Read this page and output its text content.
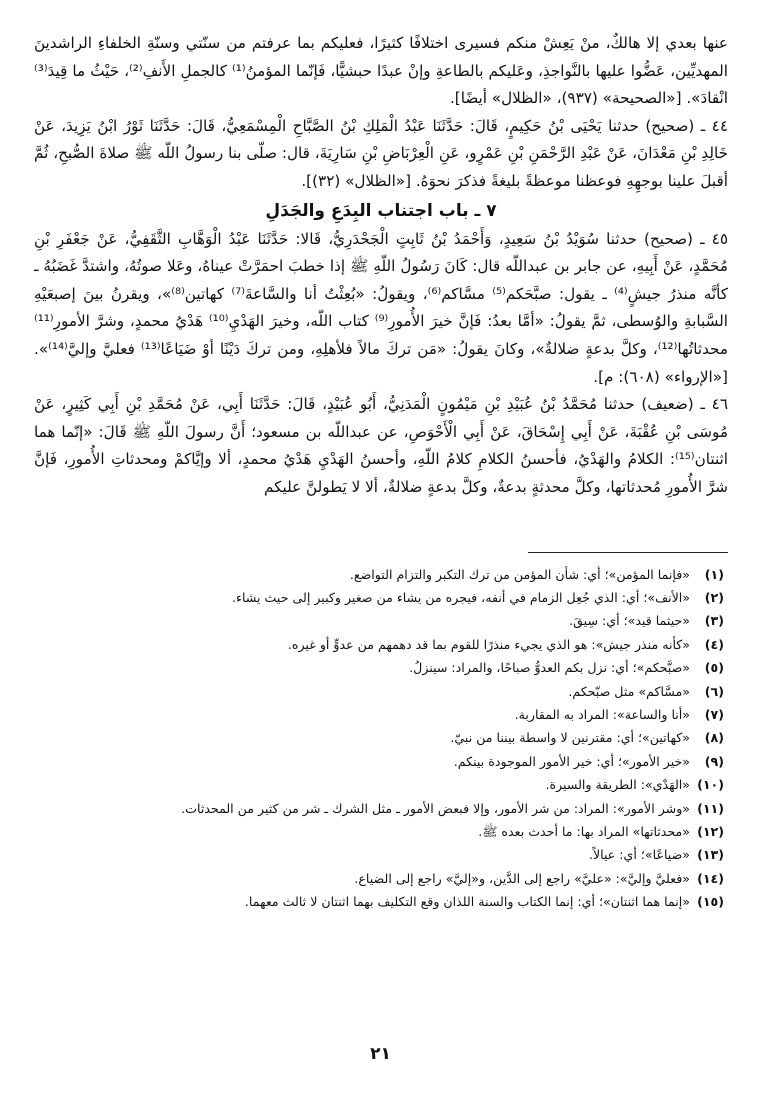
عنها بعدي إلا هالكٌ، منْ يَعِشْ منكم فسيرى اختلافًا كثيرًا، فعليكم بما عرفتم من سنّتي وسنّةِ الخلفاءِ الراشدينَ المهديِّين، عَضُّوا عليها بالنَّواجذِ، وعَليكم بالطاعةِ وإنْ عبدًا حبشيًّا، فَإنّما المؤمنُ⁽¹⁾ كالجملِ الأَنفِ⁽²⁾، حَيْثُ ما قِيدَ⁽³⁾ انْقادَ». [«الصحيحة» (٩٣٧)، «الظلال» أيضًا].

٤٤ ـ (صحيح) حدثنا يَحْيَى بْنُ حَكِيمٍ، قَالَ: حَدَّثَنَا عَبْدُ الْمَلِكِ بْنُ الصَّبَّاحِ الْمِسْمَعِيُّ، قَالَ: حَدَّثَنَا ثَوْرُ ابْنُ يَزِيدَ، عَنْ خَالِدِ بْنِ مَعْدَانَ، عَنْ عَبْدِ الرَّحْمَنِ بْنِ عَمْرٍو، عَنِ الْعِرْبَاضِ بْنِ سَارِيَةَ، قال: صلّى بنا رسولُ اللّه ﷺ صلاةَ الصُّبحِ، ثُمَّ أقبلَ علينا بوجهِهِ فوعظنا موعظةً بليغةً فذكرَ نحوَهُ. [«الظلال» (٣٢)].

٧ ـ باب اجتناب البِدَعِ والجَدَلِ

٤٥ ـ (صحيح) حدثنا سُوَيْدُ بْنُ سَعِيدٍ، وَأَحْمَدُ بْنُ ثَابِتٍ الْجَحْدَرِيُّ، قَالا: حَدَّثَنَا عَبْدُ الْوَهَّابِ الثَّقَفِيُّ، عَنْ جَعْفَرِ بْنِ مُحَمَّدٍ، عَنْ أَبِيهِ، عن جابر بن عبداللّه قال: كَانَ رَسُولُ اللّهِ ﷺ إذا خطبَ احمَرَّتْ عيناهُ، وعَلا صوتُهُ، واشتدَّ غَضَبُهُ ـ كأنَّه منذرُ جيشٍ⁽⁴⁾ ـ يقول: صبَّحَكم⁽⁵⁾ مسَّاكم⁽⁶⁾، ويقولُ: «بُعِثْتُ أنا والسَّاعةَ⁽⁷⁾ كهاتين⁽⁸⁾»، ويقرنُ بينَ إصبعَيْهِ السَّبابةِ والوُسطى، ثمَّ يقولُ: «أمَّا بعدُ: فَإنَّ خيرَ الأُمورِ⁽⁹⁾ كتاب اللّه، وخيرَ الهَدْيِ⁽¹⁰⁾ هَدْيُ محمدٍ، وشرَّ الأمورِ⁽¹¹⁾ محدثاتُها⁽¹²⁾، وكلَّ بدعةٍ ضلالةٌ»، وكانَ يقولُ: «مَن تركَ مالاً فلأهلِهِ، ومن تركَ دَيْنًا أوْ ضَيَاعًا⁽¹³⁾ فعليَّ وإليَّ⁽¹⁴⁾». [«الإرواء» (٦٠٨): م].

٤٦ ـ (ضعيف) حدثنا مُحَمَّدُ بْنُ عُبَيْدِ بْنِ مَيْمُونٍ الْمَدَنِيُّ، أَبُو عُبَيْدٍ، قَالَ: حَدَّثَنَا أَبِي، عَنْ مُحَمَّدِ بْنِ أَبِي كَثِيرٍ، عَنْ مُوسَى بْنِ عُقْبَةَ، عَنْ أَبِي إِسْحَاقَ، عَنْ أَبِي الْأَحْوَصِ، عن عبداللّه بن مسعود؛ أَنَّ رسولَ اللّهِ ﷺ قَالَ: «إنّما هما اثنتان⁽¹⁵⁾: الكلامُ والهَدْيُ، فأحسنُ الكلامِ كلامُ اللّهِ، وأحسنُ الهَدْيِ هَدْيُ محمدٍ، ألا وإيَّاكمْ ومحدثاتِ الأُمورِ، فَإنَّ شرَّ الأُمورِ مُحدثاتها، وكلَّ محدثةٍ بدعةٌ، وكلَّ بدعةٍ ضلالةٌ، ألا لا يَطولنَّ عليكم

(١)«فإنما المؤمن»؛ أي: شأن المؤمن من ترك التكبر والتزام التواضع.
(٢)«الأنف»؛ أي: الذي جُعِل الزمام في أنفه، فيجره من يشاء من صغير وكبير إلى حيث يشاء.
(٣)«حيثما قيد»؛ أي: سِيقَ.
(٤)«كأنه منذر جيش»: هو الذي يجيء منذرًا للقوم بما قد دهمهم من عدوٍّ أو غيره.
(٥)«صبَّحكم»؛ أي: نزل بكم العدوُّ صباحًا، والمراد: سينزلُ.
(٦)«مسَّاكم» مثل صبّحكم.
(٧)«أنا والساعة»: المراد به المقاربة.
(٨)«كهاتين»؛ أي: مقترنين لا واسطة بيننا من نبيّ.
(٩)«خير الأمور»؛ أي: خير الأمور الموجودة بينكم.
(١٠)«الهَدْي»: الطريقة والسيرة.
(١١)«وشر الأمور»: المراد: من شر الأمور، وإلا فبعض الأمور ـ مثل الشرك ـ شر من كثير من المحدثات.
(١٢)«محدثاتها» المراد بها: ما أحدث بعده ﷺ.
(١٣)«ضياعًا»؛ أي: عيالاً.
(١٤)«فعليَّ وإليَّ»: «عليَّ» راجع إلى الدَّين، و«إليَّ» راجع إلى الضياع.
(١٥)«إنما هما اثنتان»؛ أي: إنما الكتاب والسنة اللذان وقع التكليف بهما اثنتان لا ثالث معهما.
٢١
